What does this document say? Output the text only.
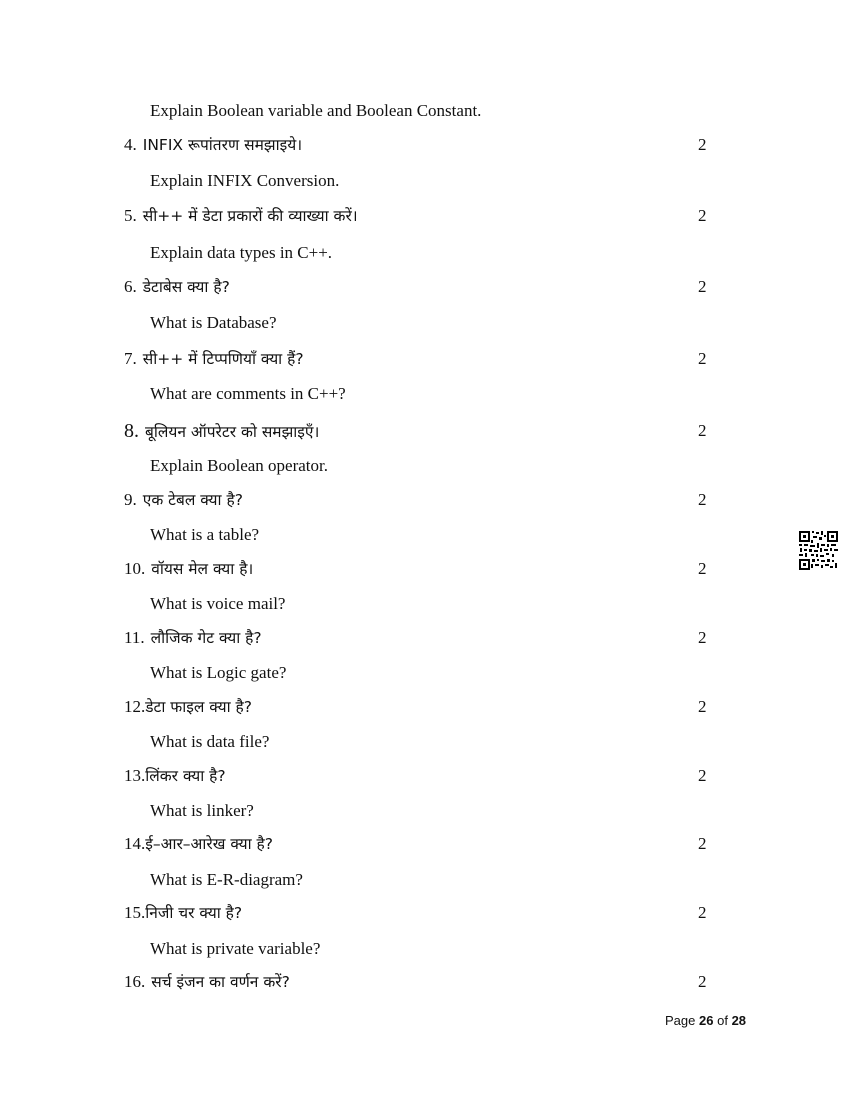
Explain Boolean variable and Boolean Constant.
4. INFIX रूपांतरण समझाइये।	2
Explain INFIX Conversion.
5. सी++ में डेटा प्रकारों की व्याख्या करें।	2
Explain data types in C++.
6. डेटाबेस क्या है?	2
What is Database?
7. सी++ में टिप्पणियाँ क्या हैं?	2
What are comments in C++?
8. बूलियन ऑपरेटर को समझाइएँ।	2
Explain Boolean operator.
9. एक टेबल क्या है?	2
What is a table?
10. वॉयस मेल क्या है।	2
What is voice mail?
11. लौजिक गेट क्या है?	2
What is Logic gate?
12.डेटा फाइल क्या है?	2
What is data file?
13.लिंकर क्या है?	2
What is linker?
14.ई–आर–आरेख क्या है?	2
What is E-R-diagram?
15.निजी चर क्या है?	2
What is private variable?
16. सर्च इंजन का वर्णन करें?	2
Page 26 of 28
